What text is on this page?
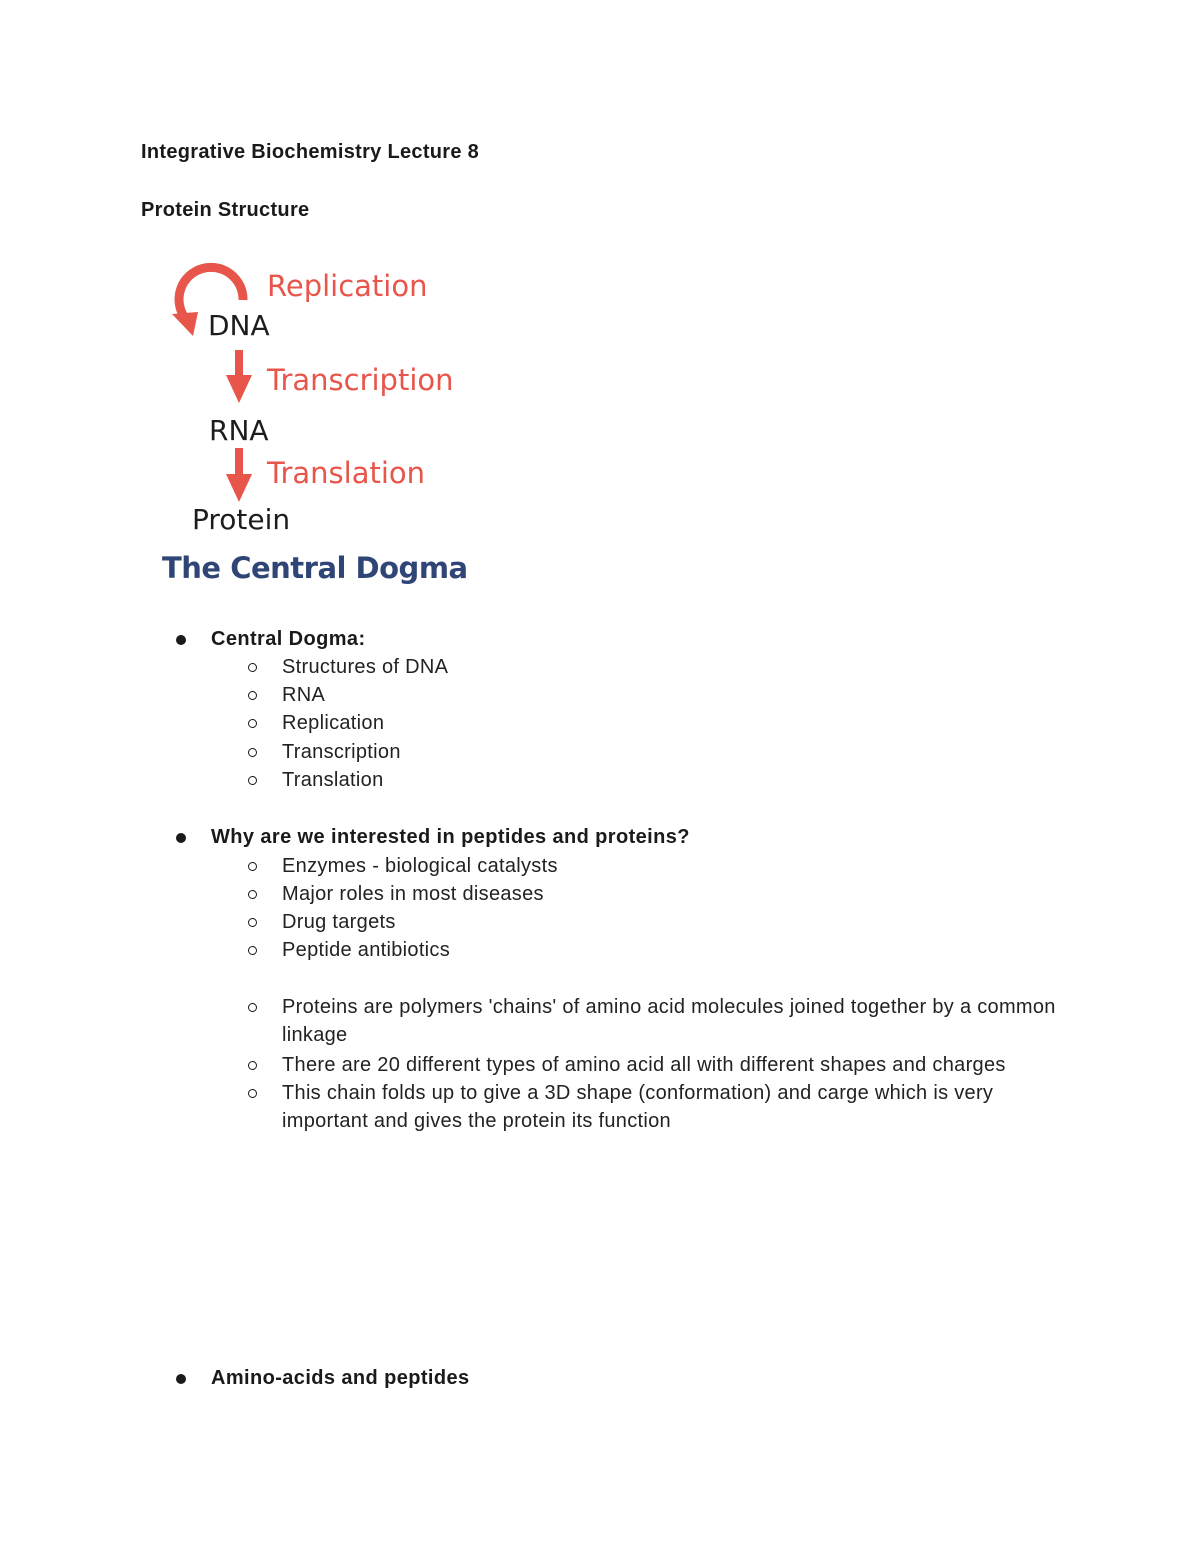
Integrative Biochemistry Lecture 8
Protein Structure
Replication
DNA
Transcription
RNA
Translation
Protein
The Central Dogma
Central Dogma:
Structures of DNA
RNA
Replication
Transcription
Translation
Why are we interested in peptides and proteins?
Enzymes - biological catalysts
Major roles in most diseases
Drug targets
Peptide antibiotics
Proteins are polymers 'chains' of amino acid molecules joined together by a common linkage
There are 20 different types of amino acid all with different shapes and charges
This chain folds up to give a 3D shape (conformation) and carge which is very important and gives the protein its function
Amino-acids and peptides
